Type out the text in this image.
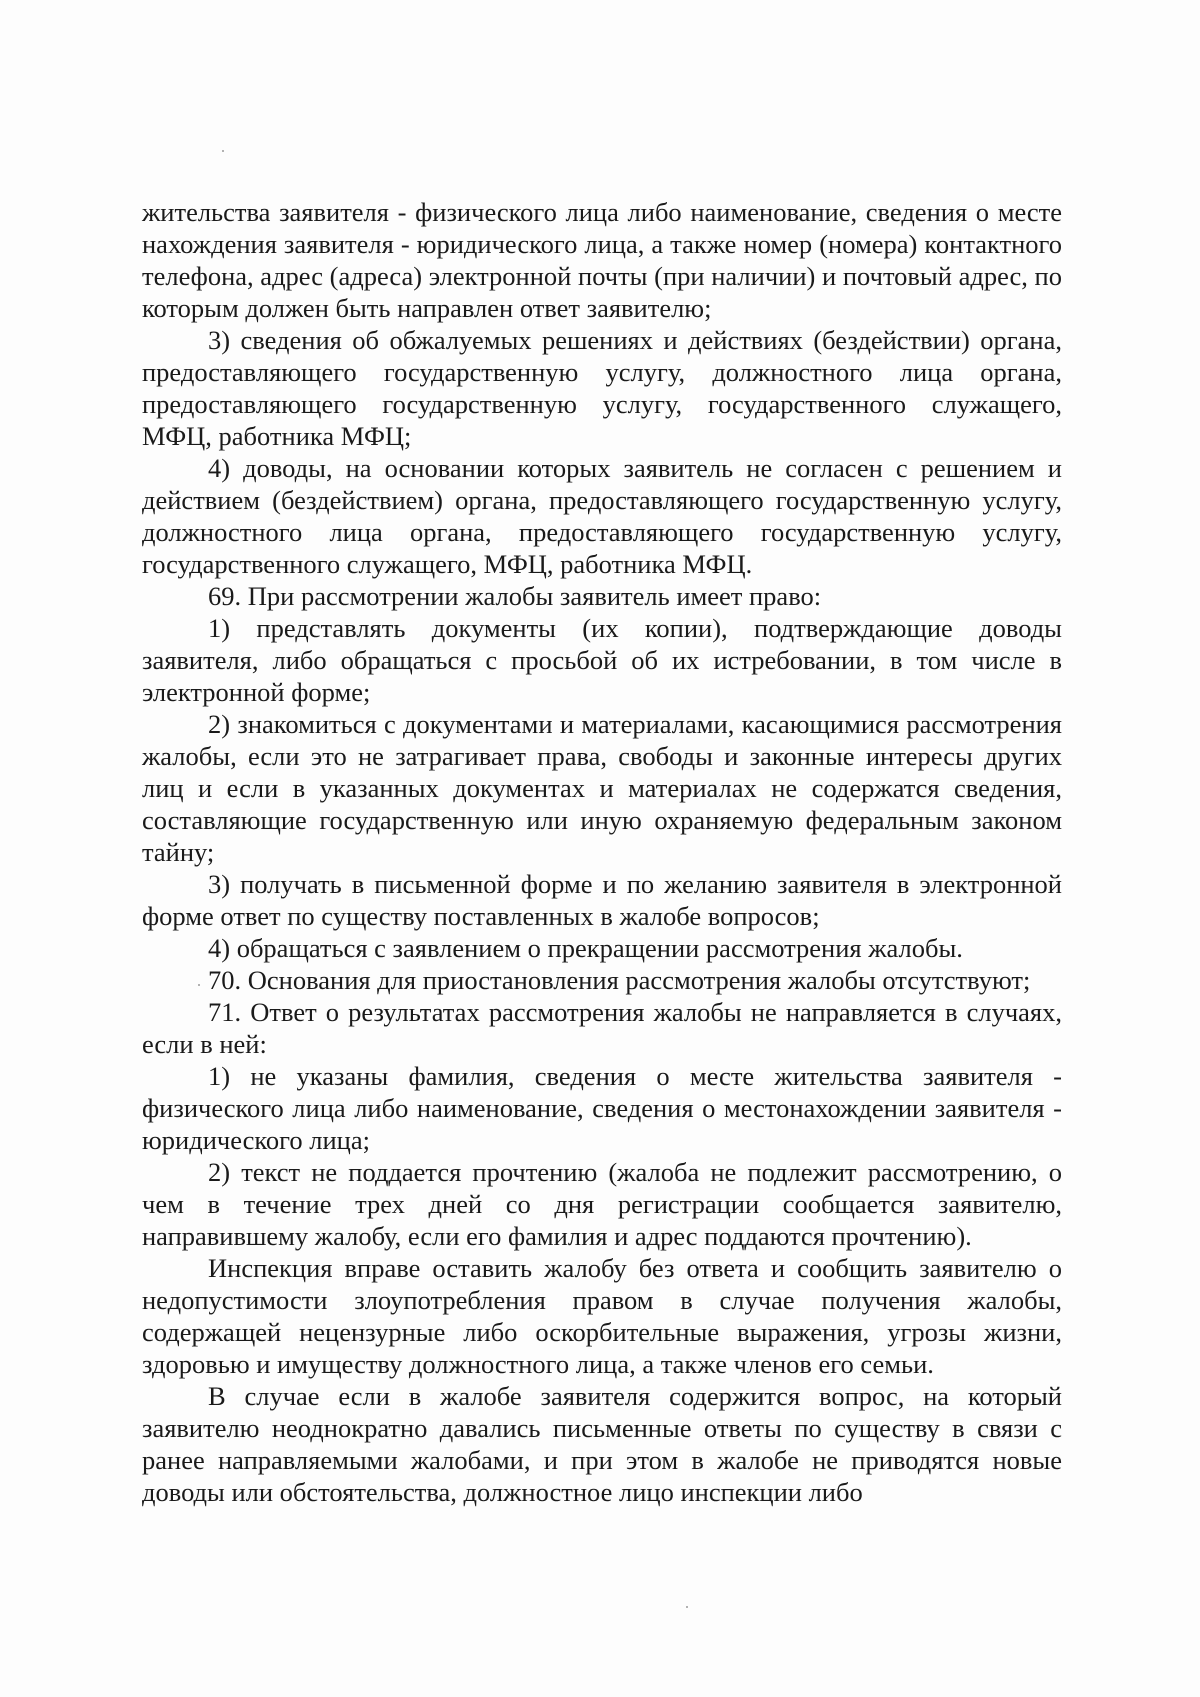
жительства заявителя - физического лица либо наименование, сведения о месте нахождения заявителя - юридического лица, а также номер (номера) контактного телефона, адрес (адреса) электронной почты (при наличии) и почтовый адрес, по которым должен быть направлен ответ заявителю;

3) сведения об обжалуемых решениях и действиях (бездействии) органа, предоставляющего государственную услугу, должностного лица органа, предоставляющего государственную услугу, государственного служащего, МФЦ, работника МФЦ;

4) доводы, на основании которых заявитель не согласен с решением и действием (бездействием) органа, предоставляющего государственную услугу, должностного лица органа, предоставляющего государственную услугу, государственного служащего, МФЦ, работника МФЦ.

69. При рассмотрении жалобы заявитель имеет право:

1) представлять документы (их копии), подтверждающие доводы заявителя, либо обращаться с просьбой об их истребовании, в том числе в электронной форме;

2) знакомиться с документами и материалами, касающимися рассмотрения жалобы, если это не затрагивает права, свободы и законные интересы других лиц и если в указанных документах и материалах не содержатся сведения, составляющие государственную или иную охраняемую федеральным законом тайну;

3) получать в письменной форме и по желанию заявителя в электронной форме ответ по существу поставленных в жалобе вопросов;

4) обращаться с заявлением о прекращении рассмотрения жалобы.

70. Основания для приостановления рассмотрения жалобы отсутствуют;

71. Ответ о результатах рассмотрения жалобы не направляется в случаях, если в ней:

1) не указаны фамилия, сведения о месте жительства заявителя - физического лица либо наименование, сведения о местонахождении заявителя - юридического лица;

2) текст не поддается прочтению (жалоба не подлежит рассмотрению, о чем в течение трех дней со дня регистрации сообщается заявителю, направившему жалобу, если его фамилия и адрес поддаются прочтению).

Инспекция вправе оставить жалобу без ответа и сообщить заявителю о недопустимости злоупотребления правом в случае получения жалобы, содержащей нецензурные либо оскорбительные выражения, угрозы жизни, здоровью и имуществу должностного лица, а также членов его семьи.

В случае если в жалобе заявителя содержится вопрос, на который заявителю неоднократно давались письменные ответы по существу в связи с ранее направляемыми жалобами, и при этом в жалобе не приводятся новые доводы или обстоятельства, должностное лицо инспекции либо
